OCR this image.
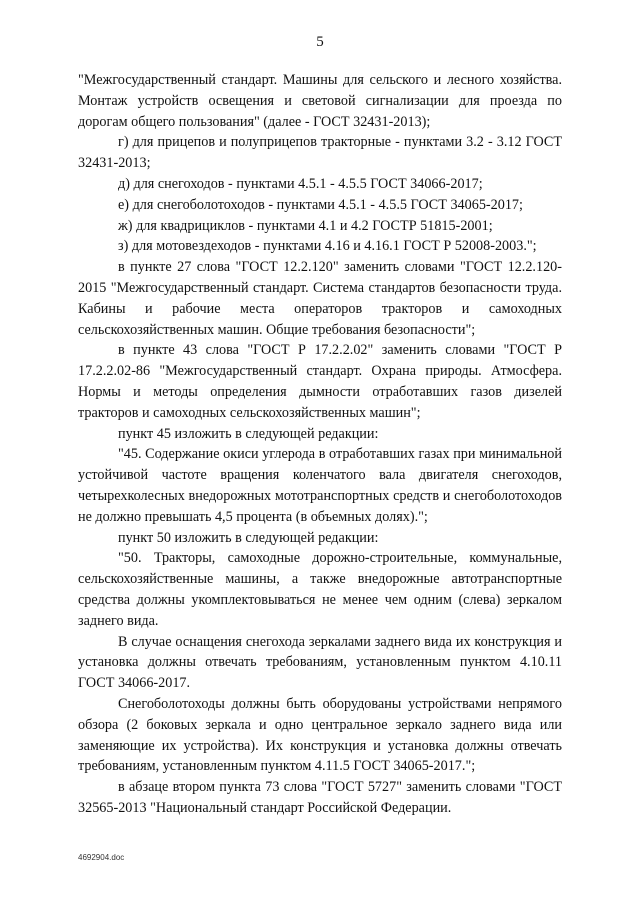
5

"Межгосударственный стандарт. Машины для сельского и лесного хозяйства. Монтаж устройств освещения и световой сигнализации для проезда по дорогам общего пользования" (далее - ГОСТ 32431-2013);

г) для прицепов и полуприцепов тракторные - пунктами 3.2 - 3.12 ГОСТ 32431-2013;

д) для снегоходов - пунктами 4.5.1 - 4.5.5 ГОСТ 34066-2017;

е) для снегоболотоходов - пунктами 4.5.1 - 4.5.5 ГОСТ 34065-2017;

ж) для квадрициклов - пунктами 4.1 и 4.2 ГОСТР 51815-2001;

з) для мотовездеходов - пунктами 4.16 и 4.16.1 ГОСТ Р 52008-2003.";

в пункте 27 слова "ГОСТ 12.2.120" заменить словами "ГОСТ 12.2.120-2015 "Межгосударственный стандарт. Система стандартов безопасности труда. Кабины и рабочие места операторов тракторов и самоходных сельскохозяйственных машин. Общие требования безопасности";

в пункте 43 слова "ГОСТ Р 17.2.2.02" заменить словами "ГОСТ Р 17.2.2.02-86 "Межгосударственный стандарт. Охрана природы. Атмосфера. Нормы и методы определения дымности отработавших газов дизелей тракторов и самоходных сельскохозяйственных машин";

пункт 45 изложить в следующей редакции:

"45. Содержание окиси углерода в отработавших газах при минимальной устойчивой частоте вращения коленчатого вала двигателя снегоходов, четырехколесных внедорожных мототранспортных средств и снегоболотоходов не должно превышать 4,5 процента (в объемных долях).";

пункт 50 изложить в следующей редакции:

"50. Тракторы, самоходные дорожно-строительные, коммунальные, сельскохозяйственные машины, а также внедорожные автотранспортные средства должны укомплектовываться не менее чем одним (слева) зеркалом заднего вида.

В случае оснащения снегохода зеркалами заднего вида их конструкция и установка должны отвечать требованиям, установленным пунктом 4.10.11 ГОСТ 34066-2017.

Снегоболотоходы должны быть оборудованы устройствами непрямого обзора (2 боковых зеркала и одно центральное зеркало заднего вида или заменяющие их устройства). Их конструкция и установка должны отвечать требованиям, установленным пунктом 4.11.5 ГОСТ 34065-2017.";

в абзаце втором пункта 73 слова "ГОСТ 5727" заменить словами "ГОСТ 32565-2013 "Национальный стандарт Российской Федерации.

4692904.doc
